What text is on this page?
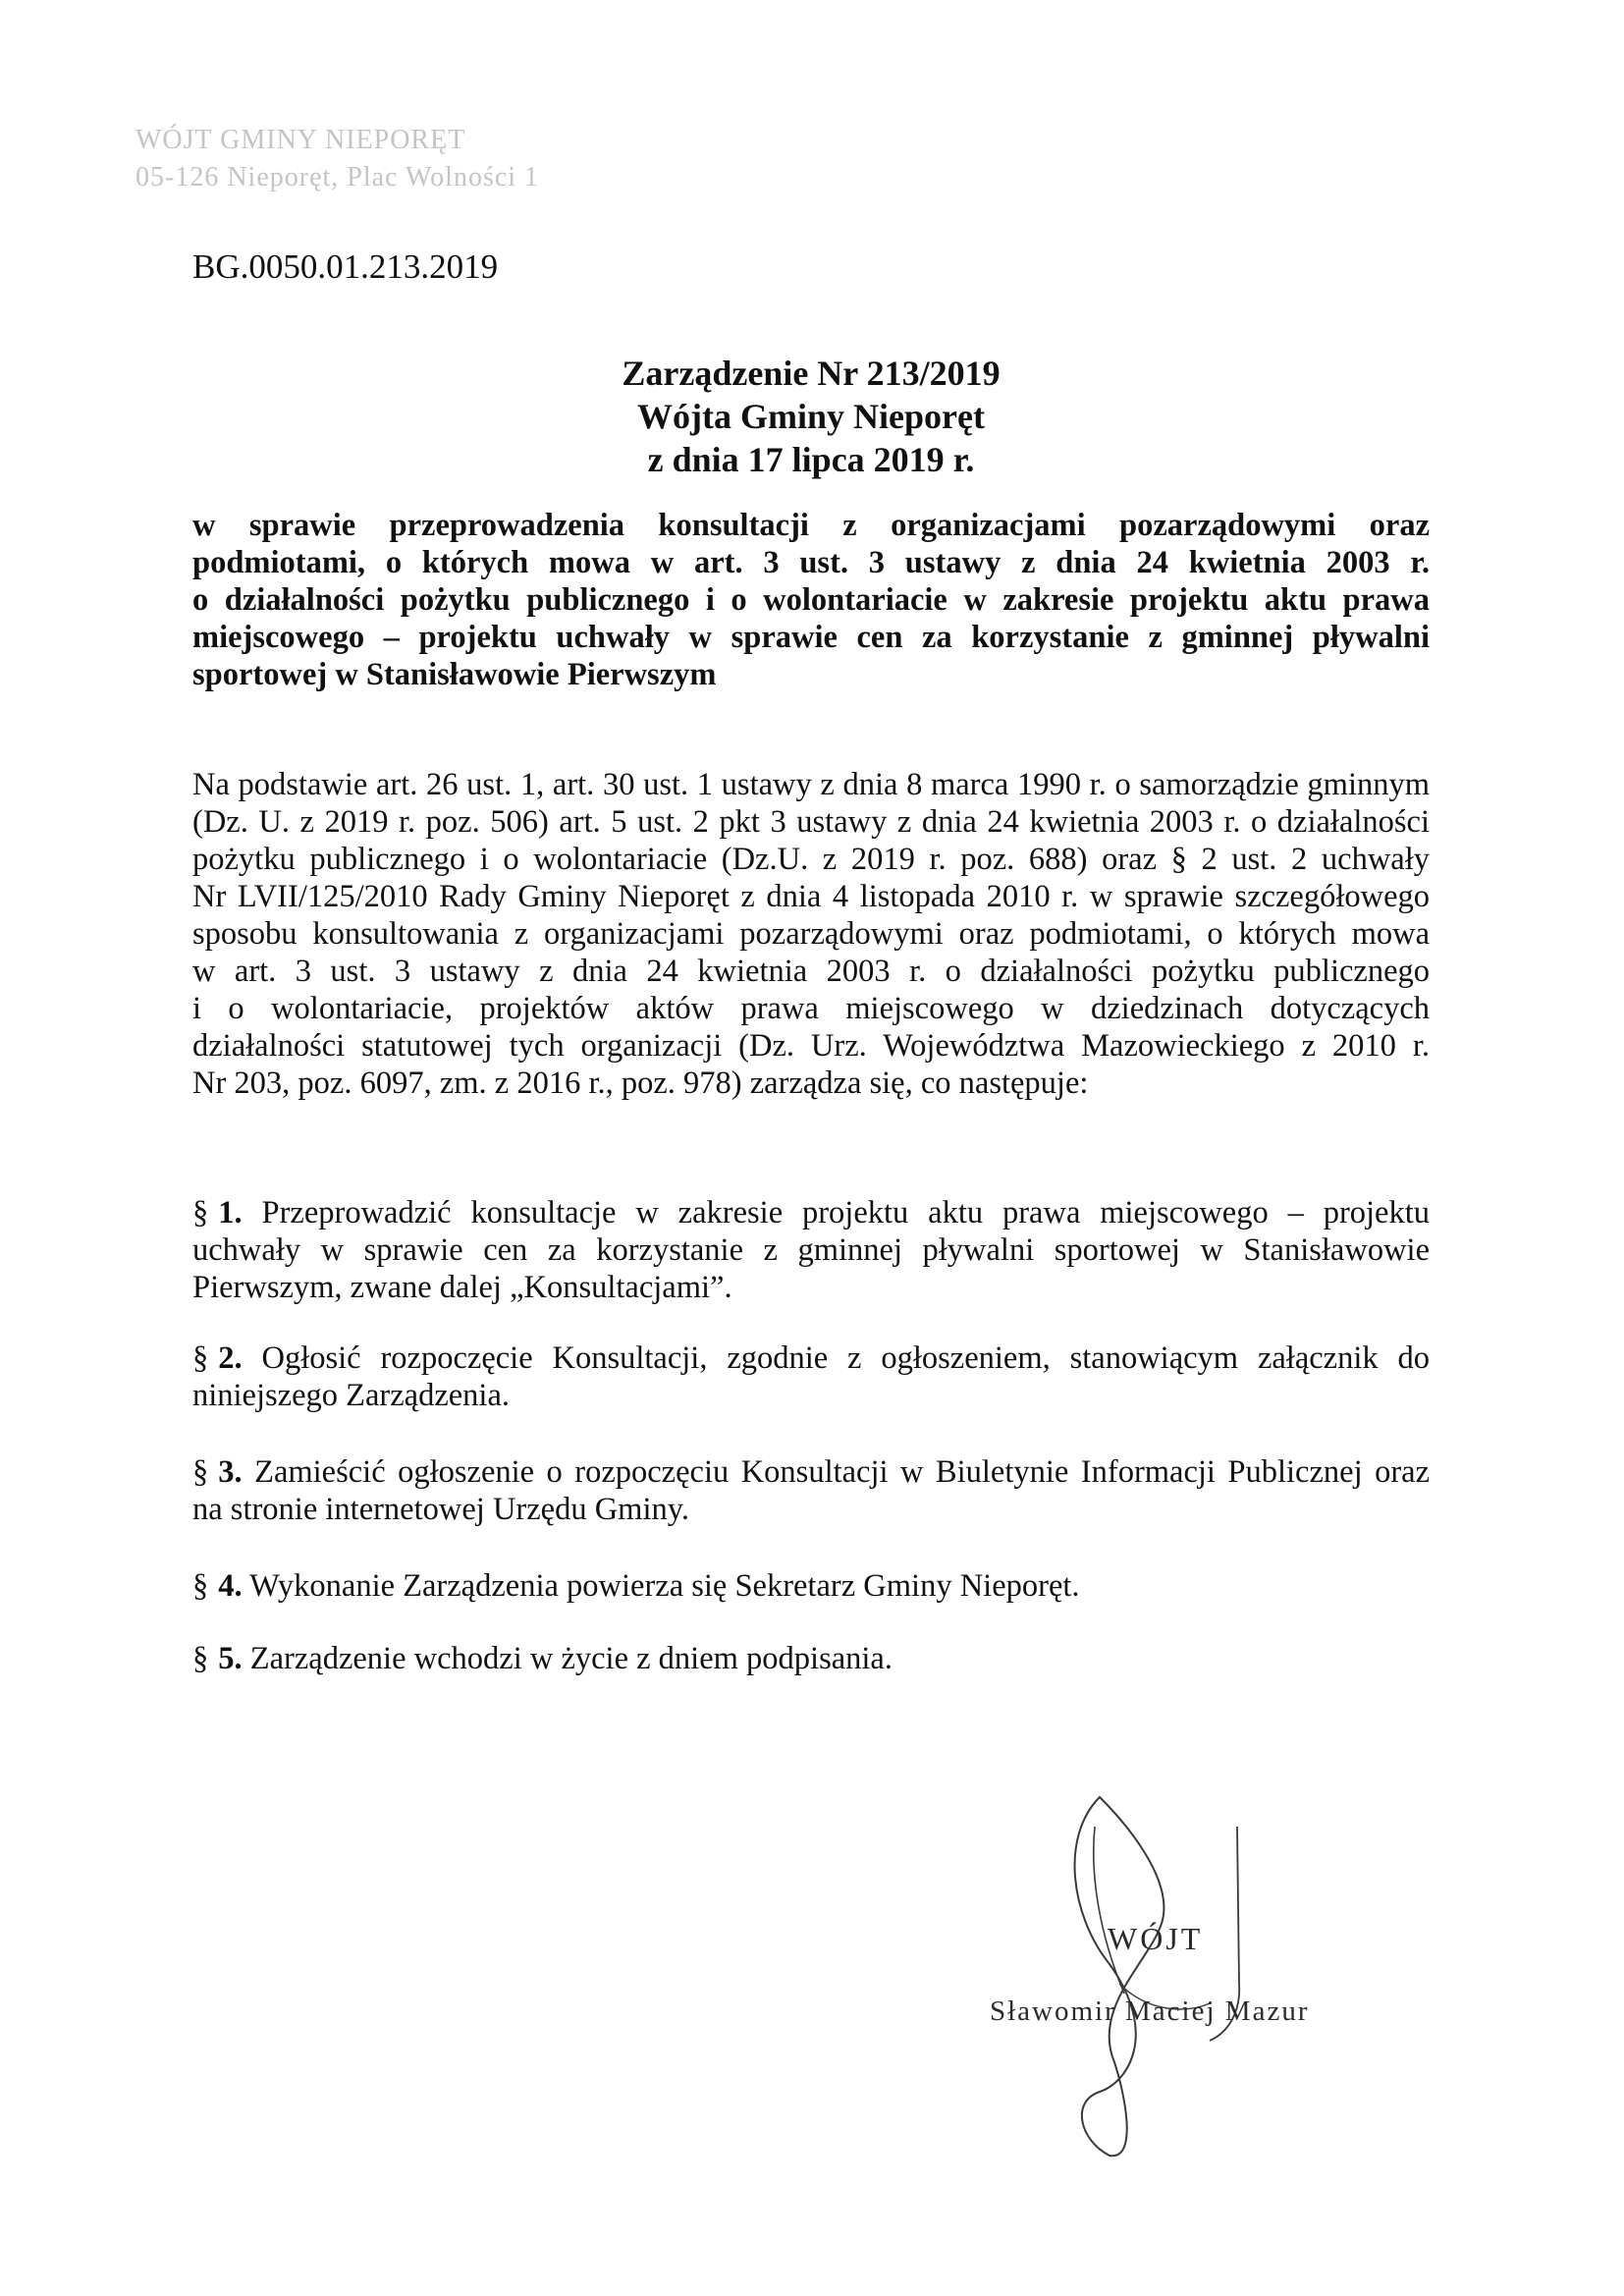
WÓJT GMINY NIEPORĘT
05-126 Nieporęt, Plac Wolności 1
BG.0050.01.213.2019
Zarządzenie Nr 213/2019
Wójta Gminy Nieporęt
z dnia 17 lipca 2019 r.
w sprawie przeprowadzenia konsultacji z organizacjami pozarządowymi oraz
podmiotami, o których mowa w art. 3 ust. 3 ustawy z dnia 24 kwietnia 2003 r.
o działalności pożytku publicznego i o wolontariacie w zakresie projektu aktu prawa
miejscowego – projektu uchwały w sprawie cen za korzystanie z gminnej pływalni
sportowej w Stanisławowie Pierwszym
Na podstawie art. 26 ust. 1, art. 30 ust. 1 ustawy z dnia 8 marca 1990 r. o samorządzie gminnym
(Dz. U. z 2019 r. poz. 506) art. 5 ust. 2 pkt 3 ustawy z dnia 24 kwietnia 2003 r. o działalności
pożytku publicznego i o wolontariacie (Dz.U. z 2019 r. poz. 688) oraz § 2 ust. 2 uchwały
Nr LVII/125/2010 Rady Gminy Nieporęt z dnia 4 listopada 2010 r. w sprawie szczegółowego
sposobu konsultowania z organizacjami pozarządowymi oraz podmiotami, o których mowa
w art. 3 ust. 3 ustawy z dnia 24 kwietnia 2003 r. o działalności pożytku publicznego
i o wolontariacie, projektów aktów prawa miejscowego w dziedzinach dotyczących
działalności statutowej tych organizacji (Dz. Urz. Województwa Mazowieckiego z 2010 r.
Nr 203, poz. 6097, zm. z 2016 r., poz. 978) zarządza się, co następuje:
§ 1. Przeprowadzić konsultacje w zakresie projektu aktu prawa miejscowego – projektu
uchwały w sprawie cen za korzystanie z gminnej pływalni sportowej w Stanisławowie
Pierwszym, zwane dalej „Konsultacjami”.
§ 2. Ogłosić rozpoczęcie Konsultacji, zgodnie z ogłoszeniem, stanowiącym załącznik do
niniejszego Zarządzenia.
§ 3. Zamieścić ogłoszenie o rozpoczęciu Konsultacji w Biuletynie Informacji Publicznej oraz
na stronie internetowej Urzędu Gminy.
§ 4. Wykonanie Zarządzenia powierza się Sekretarz Gminy Nieporęt.
§ 5. Zarządzenie wchodzi w życie z dniem podpisania.
WÓJT
Sławomir Maciej Mazur
